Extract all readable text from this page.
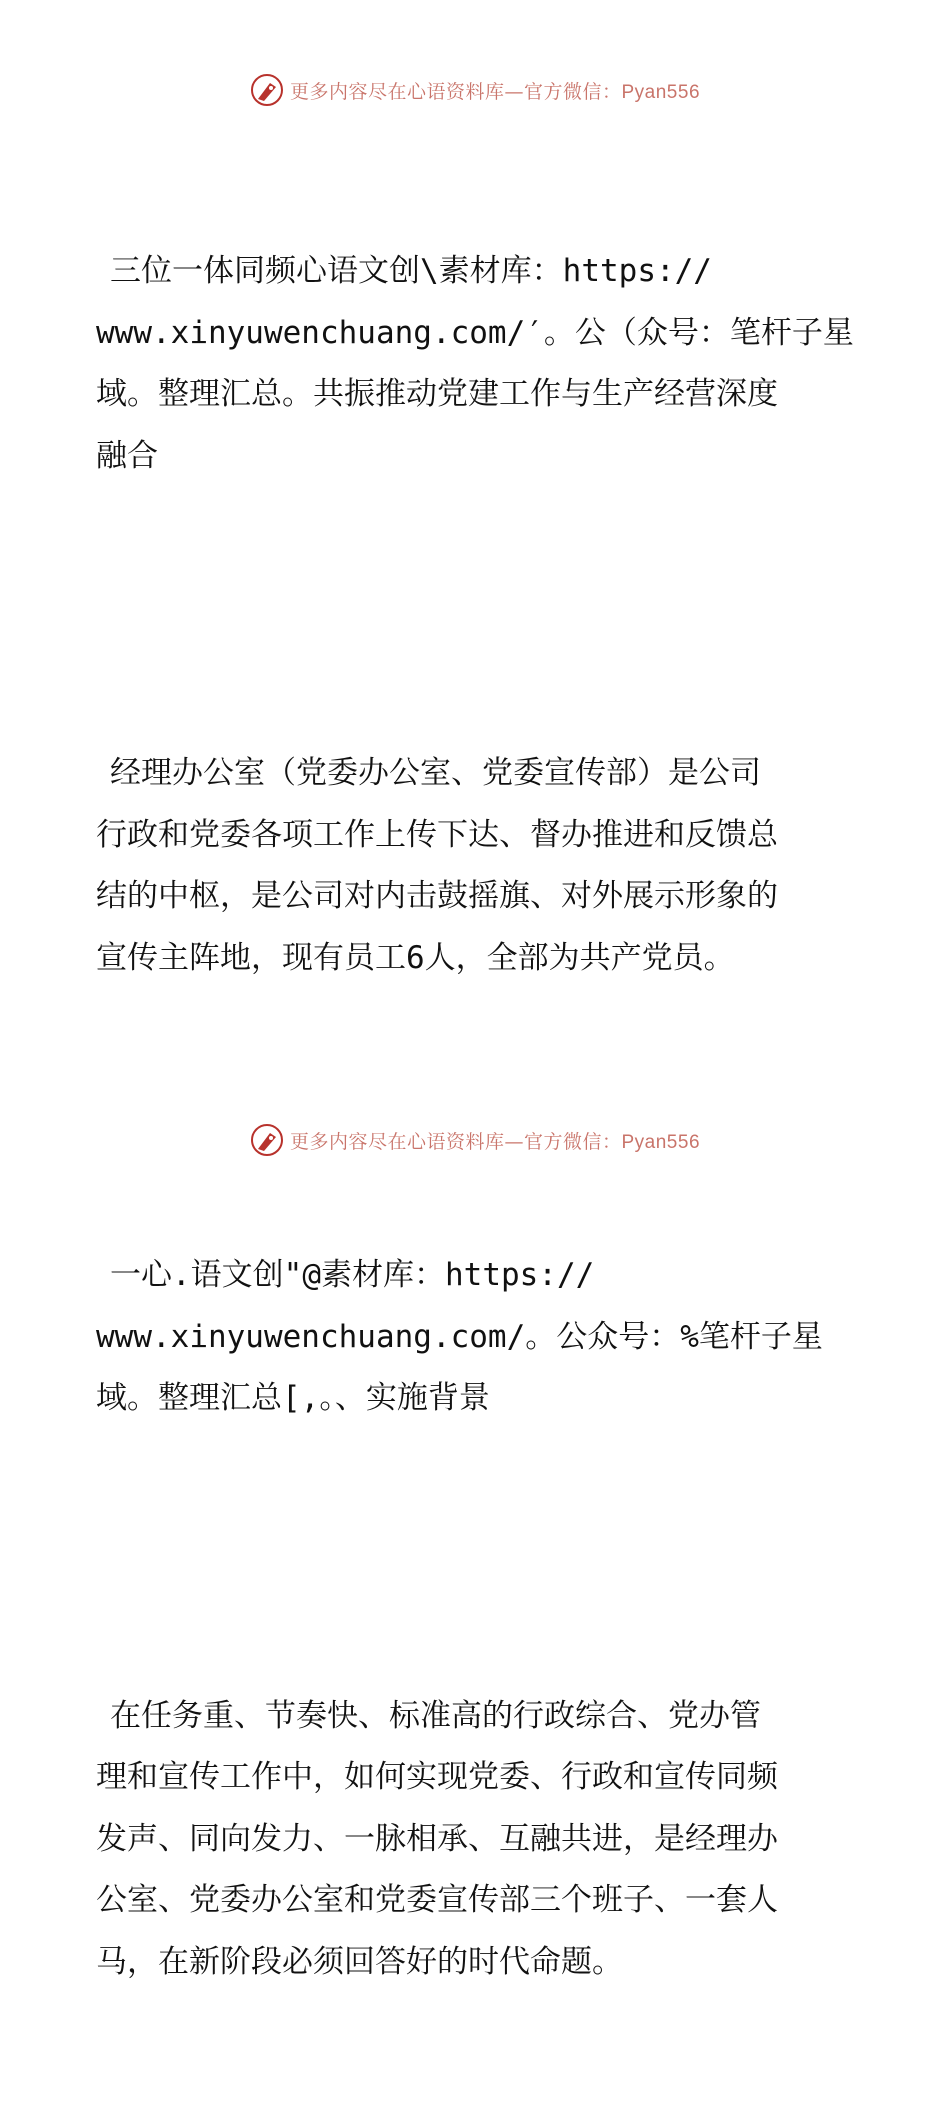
更多内容尽在心语资料库—官方微信：Pyan556

三位一体同频心语文创\素材库：https://
www.xinyuwenchuang.com/′。公（众号：笔杆子星
域。整理汇总。共振推动党建工作与生产经营深度
融合

经理办公室（党委办公室、党委宣传部）是公司
行政和党委各项工作上传下达、督办推进和反馈总
结的中枢，是公司对内击鼓摇旗、对外展示形象的
宣传主阵地，现有员工6人，全部为共产党员。

一心.语文创"@素材库：https://
www.xinyuwenchuang.com/。公众号：%笔杆子星
域。整理汇总[,。、实施背景

在任务重、节奏快、标准高的行政综合、党办管
理和宣传工作中，如何实现党委、行政和宣传同频
发声、同向发力、一脉相承、互融共进，是经理办
公室、党委办公室和党委宣传部三个班子、一套人
马，在新阶段必须回答好的时代命题。

更多内容尽在心语资料库—官方微信：Pyan556
